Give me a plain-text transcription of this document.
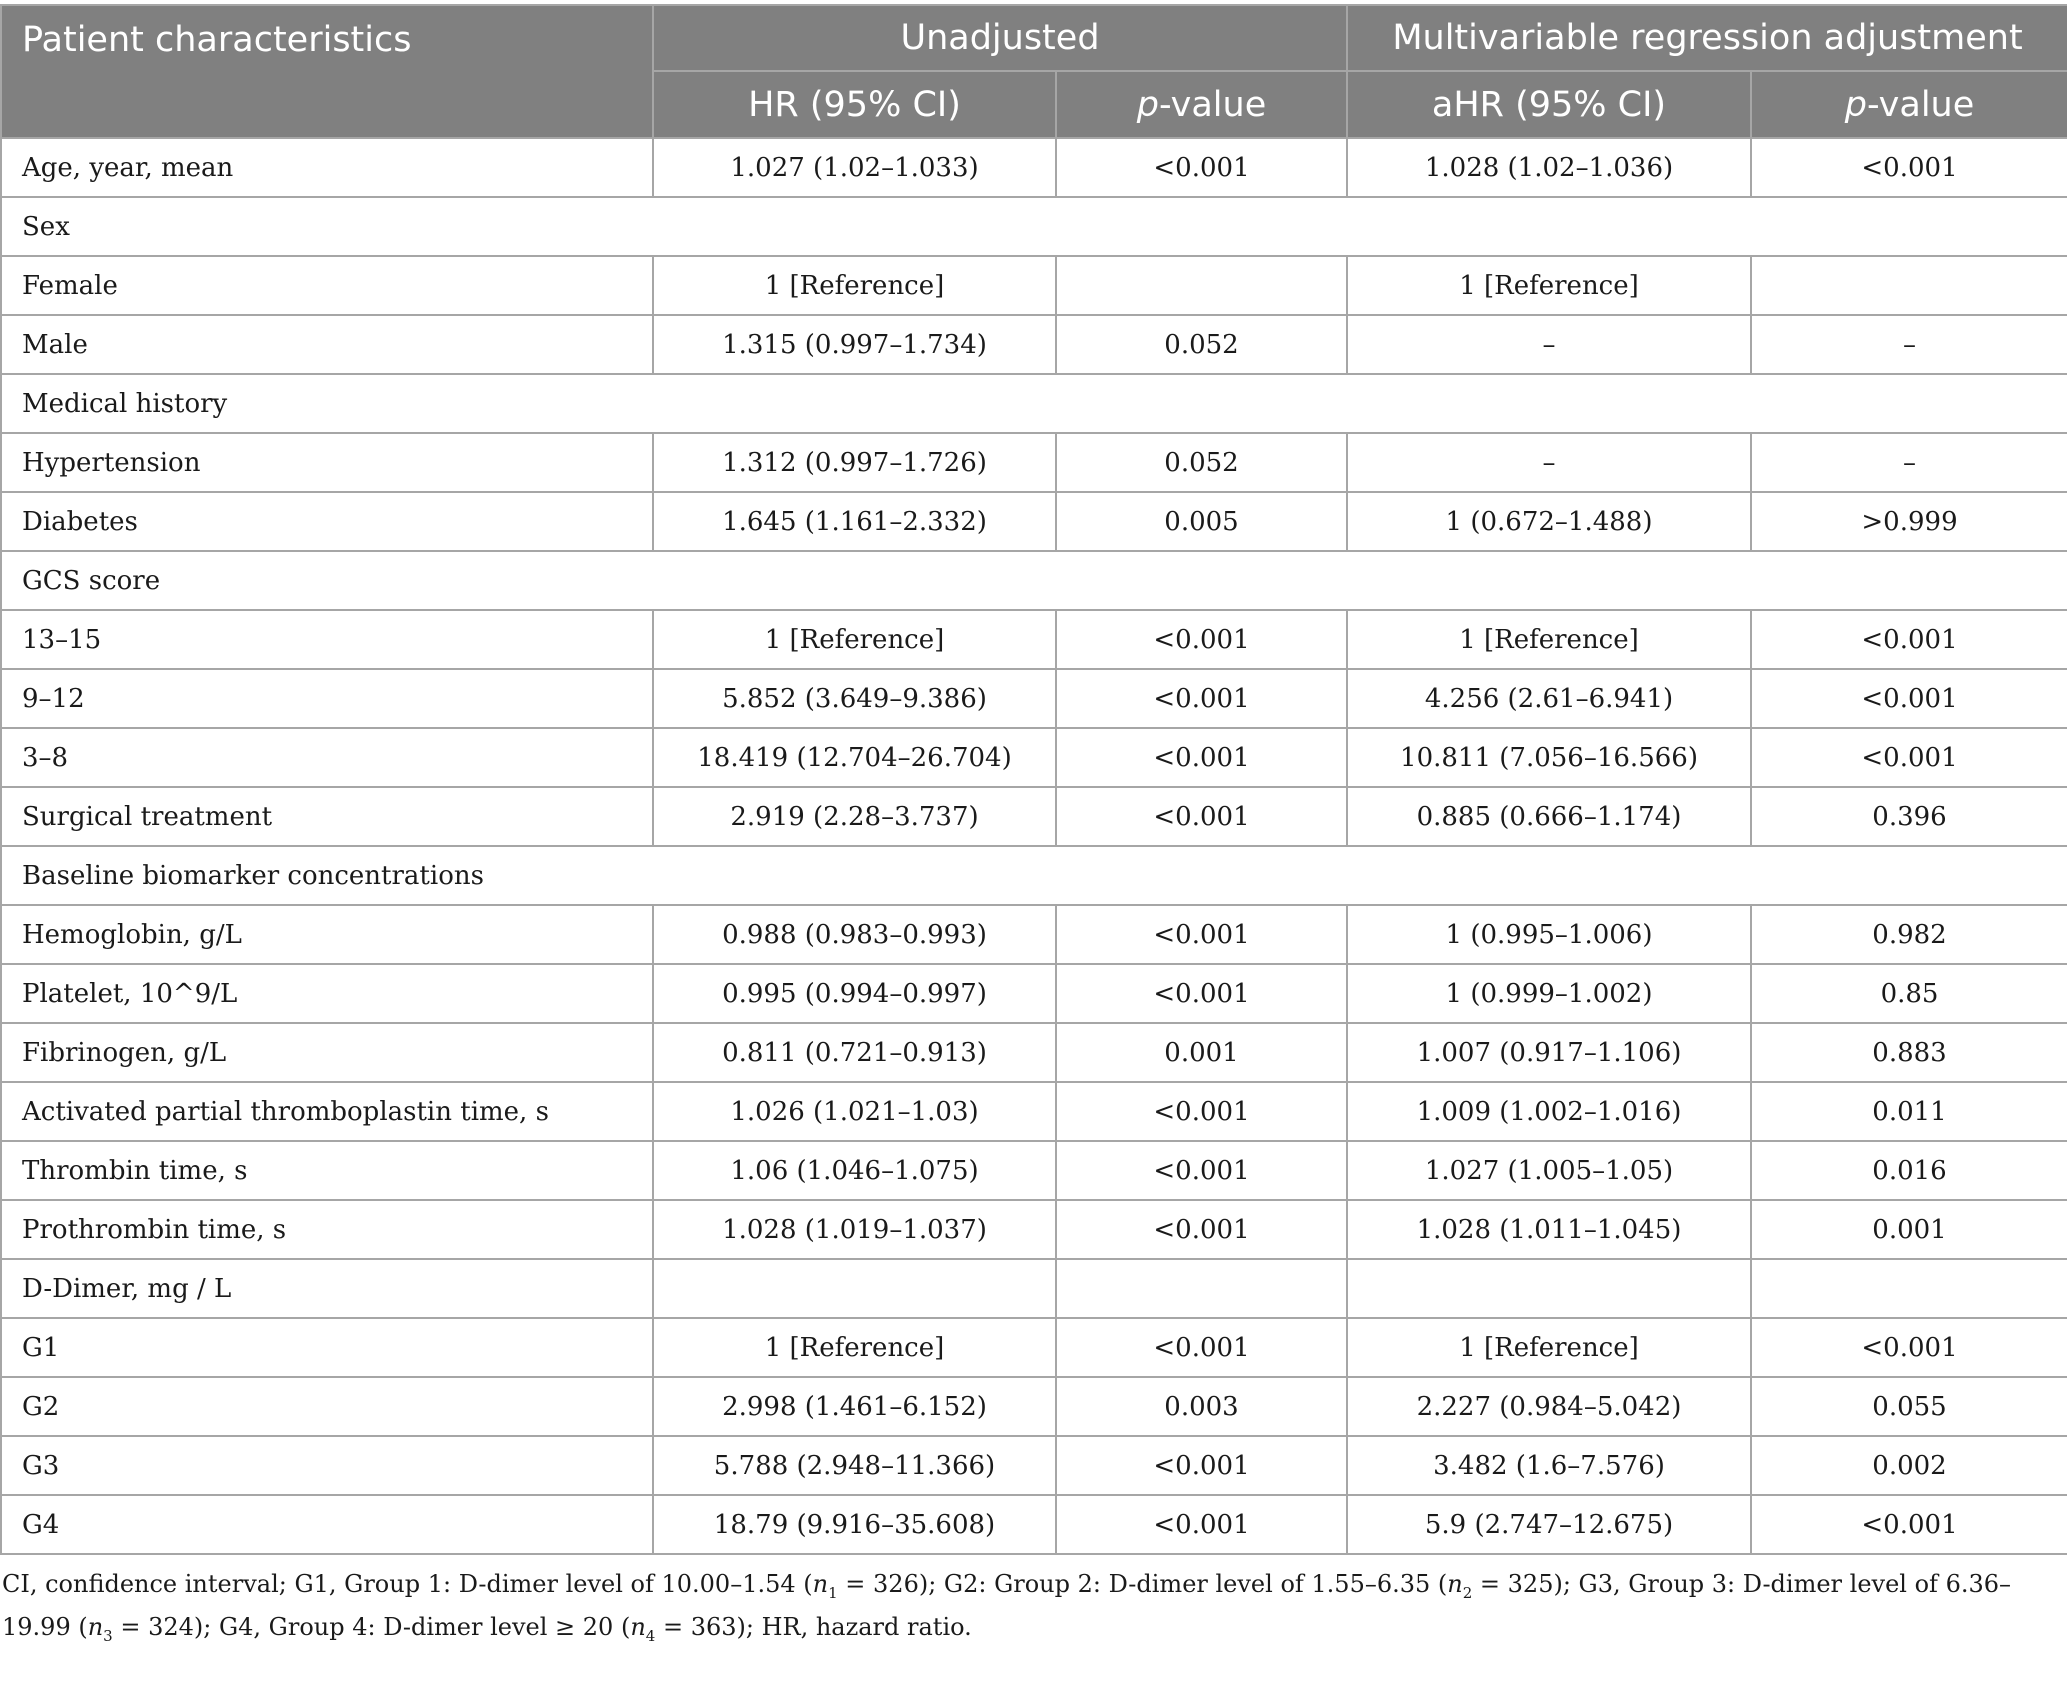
Patient characteristics	Unadjusted		Multivariable regression adjustment	
	HR (95% CI)	p-value	aHR (95% CI)	p-value
Age, year, mean	1.027 (1.02–1.033)	<0.001	1.028 (1.02–1.036)	<0.001
Sex				
Female	1 [Reference]		1 [Reference]	
Male	1.315 (0.997–1.734)	0.052	–	–
Medical history				
Hypertension	1.312 (0.997–1.726)	0.052	–	–
Diabetes	1.645 (1.161–2.332)	0.005	1 (0.672–1.488)	>0.999
GCS score				
13–15	1 [Reference]	<0.001	1 [Reference]	<0.001
9–12	5.852 (3.649–9.386)	<0.001	4.256 (2.61–6.941)	<0.001
3–8	18.419 (12.704–26.704)	<0.001	10.811 (7.056–16.566)	<0.001
Surgical treatment	2.919 (2.28–3.737)	<0.001	0.885 (0.666–1.174)	0.396
Baseline biomarker concentrations				
Hemoglobin, g/L	0.988 (0.983–0.993)	<0.001	1 (0.995–1.006)	0.982
Platelet, 10^9/L	0.995 (0.994–0.997)	<0.001	1 (0.999–1.002)	0.85
Fibrinogen, g/L	0.811 (0.721–0.913)	0.001	1.007 (0.917–1.106)	0.883
Activated partial thromboplastin time, s	1.026 (1.021–1.03)	<0.001	1.009 (1.002–1.016)	0.011
Thrombin time, s	1.06 (1.046–1.075)	<0.001	1.027 (1.005–1.05)	0.016
Prothrombin time, s	1.028 (1.019–1.037)	<0.001	1.028 (1.011–1.045)	0.001
D-Dimer, mg / L				
G1	1 [Reference]	<0.001	1 [Reference]	<0.001
G2	2.998 (1.461–6.152)	0.003	2.227 (0.984–5.042)	0.055
G3	5.788 (2.948–11.366)	<0.001	3.482 (1.6–7.576)	0.002
G4	18.79 (9.916–35.608)	<0.001	5.9 (2.747–12.675)	<0.001
CI, confidence interval; G1, Group 1: D-dimer level of 10.00–1.54 $(n_1 = 326)$; G2: Group 2: D-dimer level of 1.55–6.35 $(n_2 = 325)$; G3, Group 3: D-dimer level of 6.36–19.99 $(n_3 = 324)$; G4, Group 4: D-dimer level ≥ 20 $(n_4 = 363)$; HR, hazard ratio.
